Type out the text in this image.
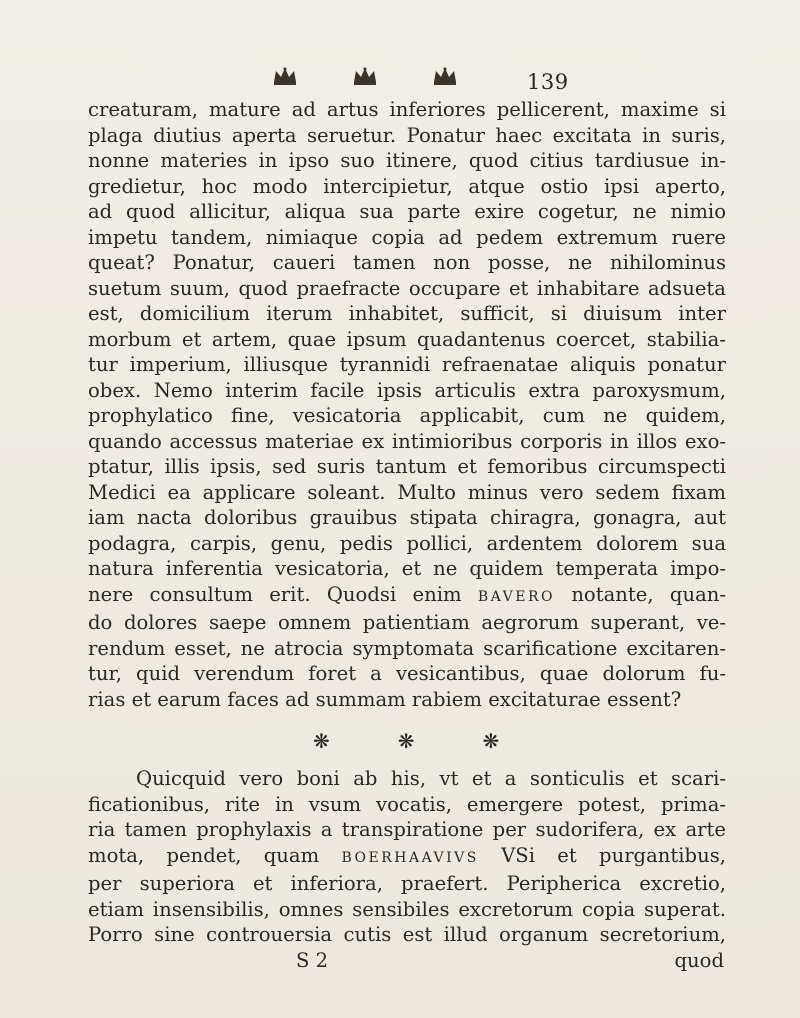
139
creaturam, mature ad artus inferiores pellicerent, maxime si
plaga diutius aperta seruetur. Ponatur haec excitata in suris,
nonne materies in ipso suo itinere, quod citius tardiusue in-
gredietur, hoc modo intercipietur, atque ostio ipsi aperto,
ad quod allicitur, aliqua sua parte exire cogetur, ne nimio
impetu tandem, nimiaque copia ad pedem extremum ruere
queat? Ponatur, caueri tamen non posse, ne nihilominus
suetum suum, quod praefracte occupare et inhabitare adsueta
est, domicilium iterum inhabitet, sufficit, si diuisum inter
morbum et artem, quae ipsum quadantenus coercet, stabilia-
tur imperium, illiusque tyrannidi refraenatae aliquis ponatur
obex. Nemo interim facile ipsis articulis extra paroxysmum,
prophylatico fine, vesicatoria applicabit, cum ne quidem,
quando accessus materiae ex intimioribus corporis in illos exo-
ptatur, illis ipsis, sed suris tantum et femoribus circumspecti
Medici ea applicare soleant. Multo minus vero sedem fixam
iam nacta doloribus grauibus stipata chiragra, gonagra, aut
podagra, carpis, genu, pedis pollici, ardentem dolorem sua
natura inferentia vesicatoria, et ne quidem temperata impo-
nere consultum erit. Quodsi enim BAVERO notante, quan-
do dolores saepe omnem patientiam aegrorum superant, ve-
rendum esset, ne atrocia symptomata scarificatione excitaren-
tur, quid verendum foret a vesicantibus, quae dolorum fu-
rias et earum faces ad summam rabiem excitaturae essent?
❋	❋	❋
Quicquid vero boni ab his, vt et a sonticulis et scari-
ficationibus, rite in vsum vocatis, emergere potest, prima-
ria tamen prophylaxis a transpiratione per sudorifera, ex arte
mota, pendet, quam BOERHAAVIVS VSi et purgantibus,
per superiora et inferiora, praefert. Peripherica excretio,
etiam insensibilis, omnes sensibiles excretorum copia superat.
Porro sine controuersia cutis est illud organum secretorium,
S 2	quod
